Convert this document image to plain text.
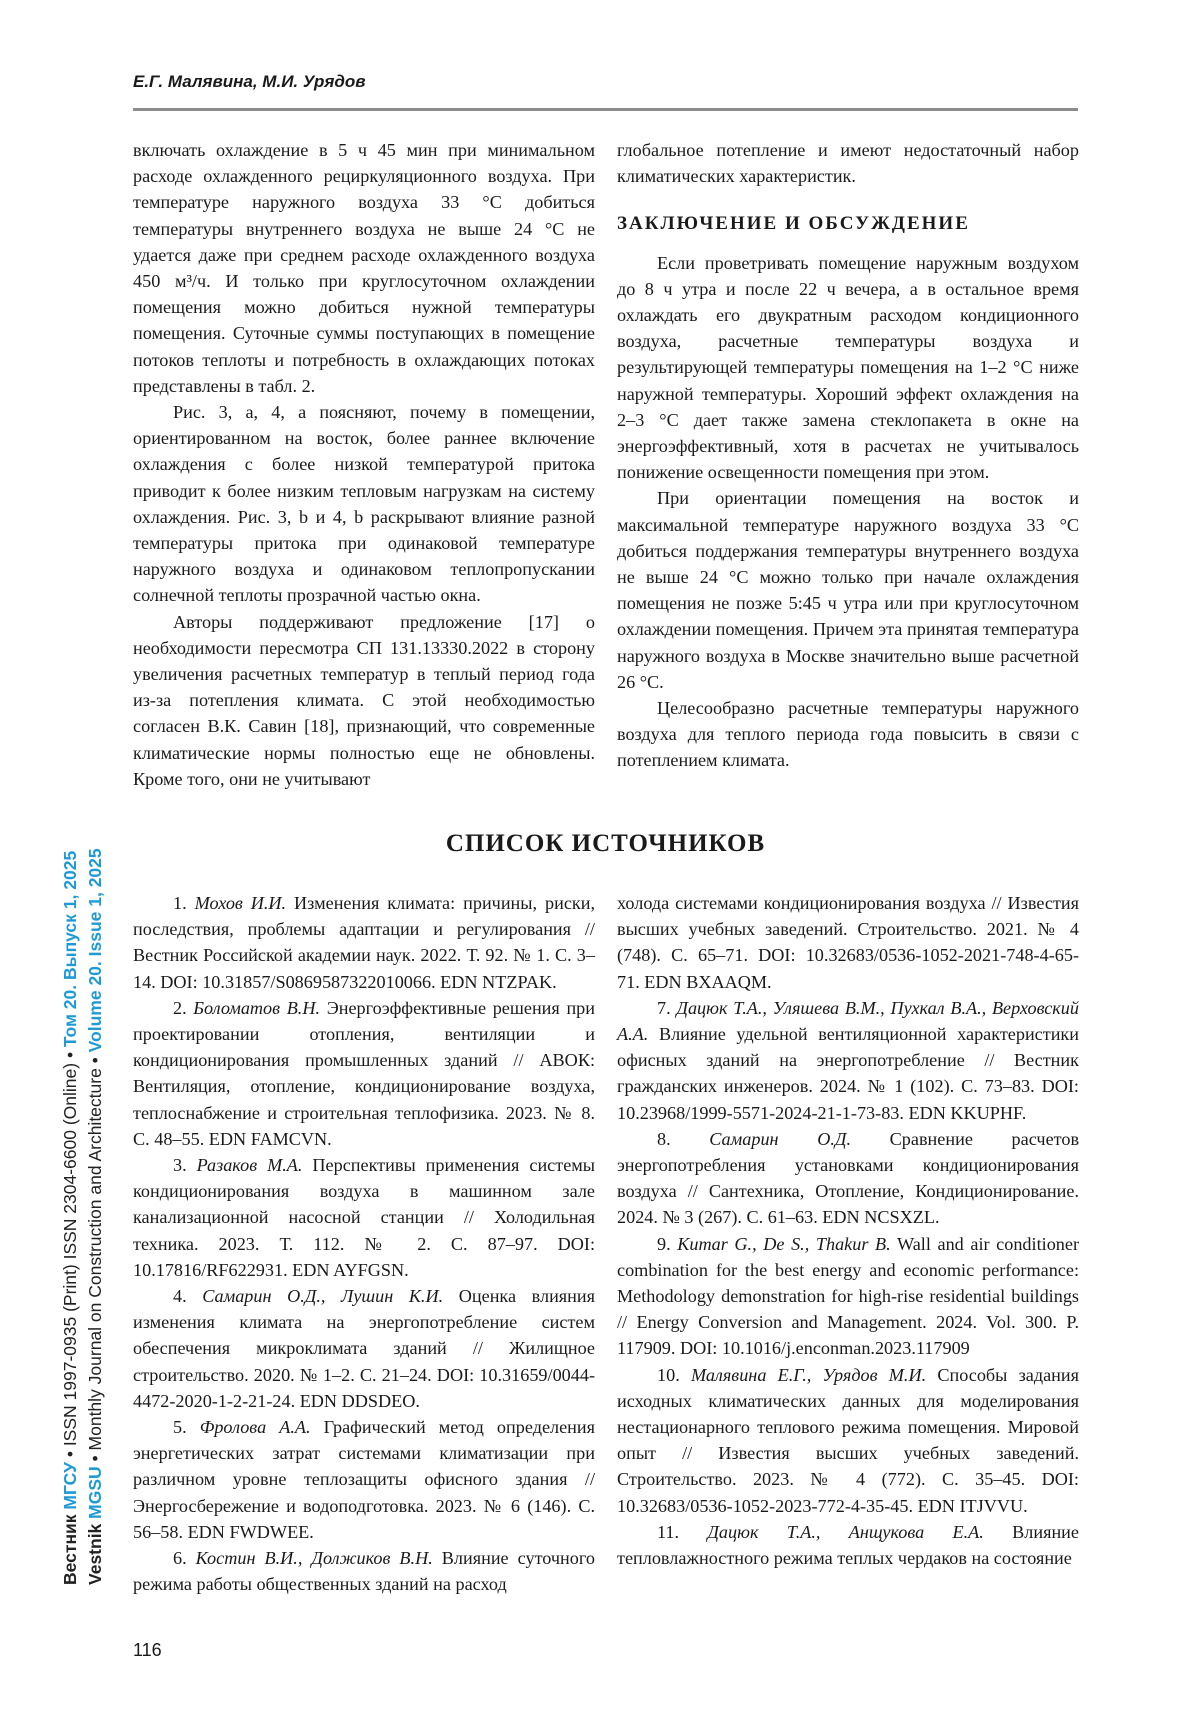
Е.Г. Малявина, М.И. Урядов

включать охлаждение в 5 ч 45 мин при минимальном расходе охлажденного рециркуляционного воздуха. При температуре наружного воздуха 33 °С добиться температуры внутреннего воздуха не выше 24 °С не удается даже при среднем расходе охлажденного воздуха 450 м³/ч. И только при круглосуточном охлаждении помещения можно добиться нужной температуры помещения. Суточные суммы поступающих в помещение потоков теплоты и потребность в охлаждающих потоках представлены в табл. 2.

Рис. 3, а, 4, а поясняют, почему в помещении, ориентированном на восток, более раннее включение охлаждения с более низкой температурой притока приводит к более низким тепловым нагрузкам на систему охлаждения. Рис. 3, b и 4, b раскрывают влияние разной температуры притока при одинаковой температуре наружного воздуха и одинаковом теплопропускании солнечной теплоты прозрачной частью окна.

Авторы поддерживают предложение [17] о необходимости пересмотра СП 131.13330.2022 в сторону увеличения расчетных температур в теплый период года из-за потепления климата. С этой необходимостью согласен В.К. Савин [18], признающий, что современные климатические нормы полностью еще не обновлены. Кроме того, они не учитывают

глобальное потепление и имеют недостаточный набор климатических характеристик.

ЗАКЛЮЧЕНИЕ И ОБСУЖДЕНИЕ

Если проветривать помещение наружным воздухом до 8 ч утра и после 22 ч вечера, а в остальное время охлаждать его двукратным расходом кондиционного воздуха, расчетные температуры воздуха и результирующей температуры помещения на 1–2 °С ниже наружной температуры. Хороший эффект охлаждения на 2–3 °С дает также замена стеклопакета в окне на энергоэффективный, хотя в расчетах не учитывалось понижение освещенности помещения при этом.

При ориентации помещения на восток и максимальной температуре наружного воздуха 33 °С добиться поддержания температуры внутреннего воздуха не выше 24 °С можно только при начале охлаждения помещения не позже 5:45 ч утра или при круглосуточном охлаждении помещения. Причем эта принятая температура наружного воздуха в Москве значительно выше расчетной 26 °С.

Целесообразно расчетные температуры наружного воздуха для теплого периода года повысить в связи с потеплением климата.

СПИСОК ИСТОЧНИКОВ

1. Мохов И.И. Изменения климата: причины, риски, последствия, проблемы адаптации и регулирования // Вестник Российской академии наук. 2022. Т. 92. № 1. С. 3–14. DOI: 10.31857/S0869587322010066. EDN NTZPAK.

2. Боломатов В.Н. Энергоэффективные решения при проектировании отопления, вентиляции и кондиционирования промышленных зданий // АВОК: Вентиляция, отопление, кондиционирование воздуха, теплоснабжение и строительная теплофизика. 2023. № 8. С. 48–55. EDN FAMCVN.

3. Разаков М.А. Перспективы применения системы кондиционирования воздуха в машинном зале канализационной насосной станции // Холодильная техника. 2023. Т. 112. № 2. С. 87–97. DOI: 10.17816/RF622931. EDN AYFGSN.

4. Самарин О.Д., Лушин К.И. Оценка влияния изменения климата на энергопотребление систем обеспечения микроклимата зданий // Жилищное строительство. 2020. № 1–2. С. 21–24. DOI: 10.31659/0044-4472-2020-1-2-21-24. EDN DDSDEO.

5. Фролова А.А. Графический метод определения энергетических затрат системами климатизации при различном уровне теплозащиты офисного здания // Энергосбережение и водоподготовка. 2023. № 6 (146). С. 56–58. EDN FWDWEE.

6. Костин В.И., Должиков В.Н. Влияние суточного режима работы общественных зданий на расход

холода системами кондиционирования воздуха // Известия высших учебных заведений. Строительство. 2021. № 4 (748). С. 65–71. DOI: 10.32683/0536-1052-2021-748-4-65-71. EDN BXAAQM.

7. Дацюк Т.А., Уляшева В.М., Пухкал В.А., Верховский А.А. Влияние удельной вентиляционной характеристики офисных зданий на энергопотребление // Вестник гражданских инженеров. 2024. № 1 (102). С. 73–83. DOI: 10.23968/1999-5571-2024-21-1-73-83. EDN KKUPHF.

8. Самарин О.Д. Сравнение расчетов энергопотребления установками кондиционирования воздуха // Сантехника, Отопление, Кондиционирование. 2024. № 3 (267). С. 61–63. EDN NCSXZL.

9. Kumar G., De S., Thakur B. Wall and air conditioner combination for the best energy and economic performance: Methodology demonstration for high-rise residential buildings // Energy Conversion and Management. 2024. Vol. 300. P. 117909. DOI: 10.1016/j.enconman.2023.117909

10. Малявина Е.Г., Урядов М.И. Способы задания исходных климатических данных для моделирования нестационарного теплового режима помещения. Мировой опыт // Известия высших учебных заведений. Строительство. 2023. № 4 (772). С. 35–45. DOI: 10.32683/0536-1052-2023-772-4-35-45. EDN ITJVVU.

11. Дацюк Т.А., Анщукова Е.А. Влияние тепловлажностного режима теплых чердаков на состояние

Вестник МГСУ • ISSN 1997-0935 (Print) ISSN 2304-6600 (Online) • Том 20. Выпуск 1, 2025
Vestnik MGSU • Monthly Journal on Construction and Architecture • Volume 20. Issue 1, 2025
116
